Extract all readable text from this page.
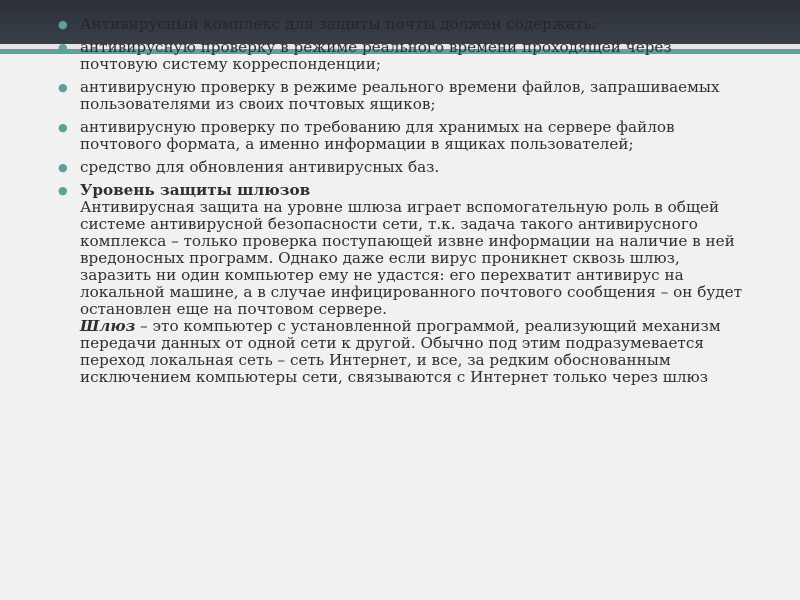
● Антивирусный комплекс для защиты почты должен содержать:
● антивирусную проверку в режиме реального времени проходящей через почтовую систему корреспонденции;
● антивирусную проверку в режиме реального времени файлов, запрашиваемых пользователями из своих почтовых ящиков;
● антивирусную проверку по требованию для хранимых на сервере файлов почтового формата, а именно информации в ящиках пользователей;
● средство для обновления антивирусных баз.
● Уровень защиты шлюзов
Антивирусная защита на уровне шлюза играет вспомогательную роль в общей системе антивирусной безопасности сети, т.к. задача такого антивирусного комплекса – только проверка поступающей извне информации на наличие в ней вредоносных программ. Однако даже если вирус проникнет сквозь шлюз, заразить ни один компьютер ему не удастся: его перехватит антивирус на локальной машине, а в случае инфицированного почтового сообщения – он будет остановлен еще на почтовом сервере.
Шлюз – это компьютер с установленной программой, реализующий механизм передачи данных от одной сети к другой. Обычно под этим подразумевается переход локальная сеть – сеть Интернет, и все, за редким обоснованным исключением компьютеры сети, связываются с Интернет только через шлюз
